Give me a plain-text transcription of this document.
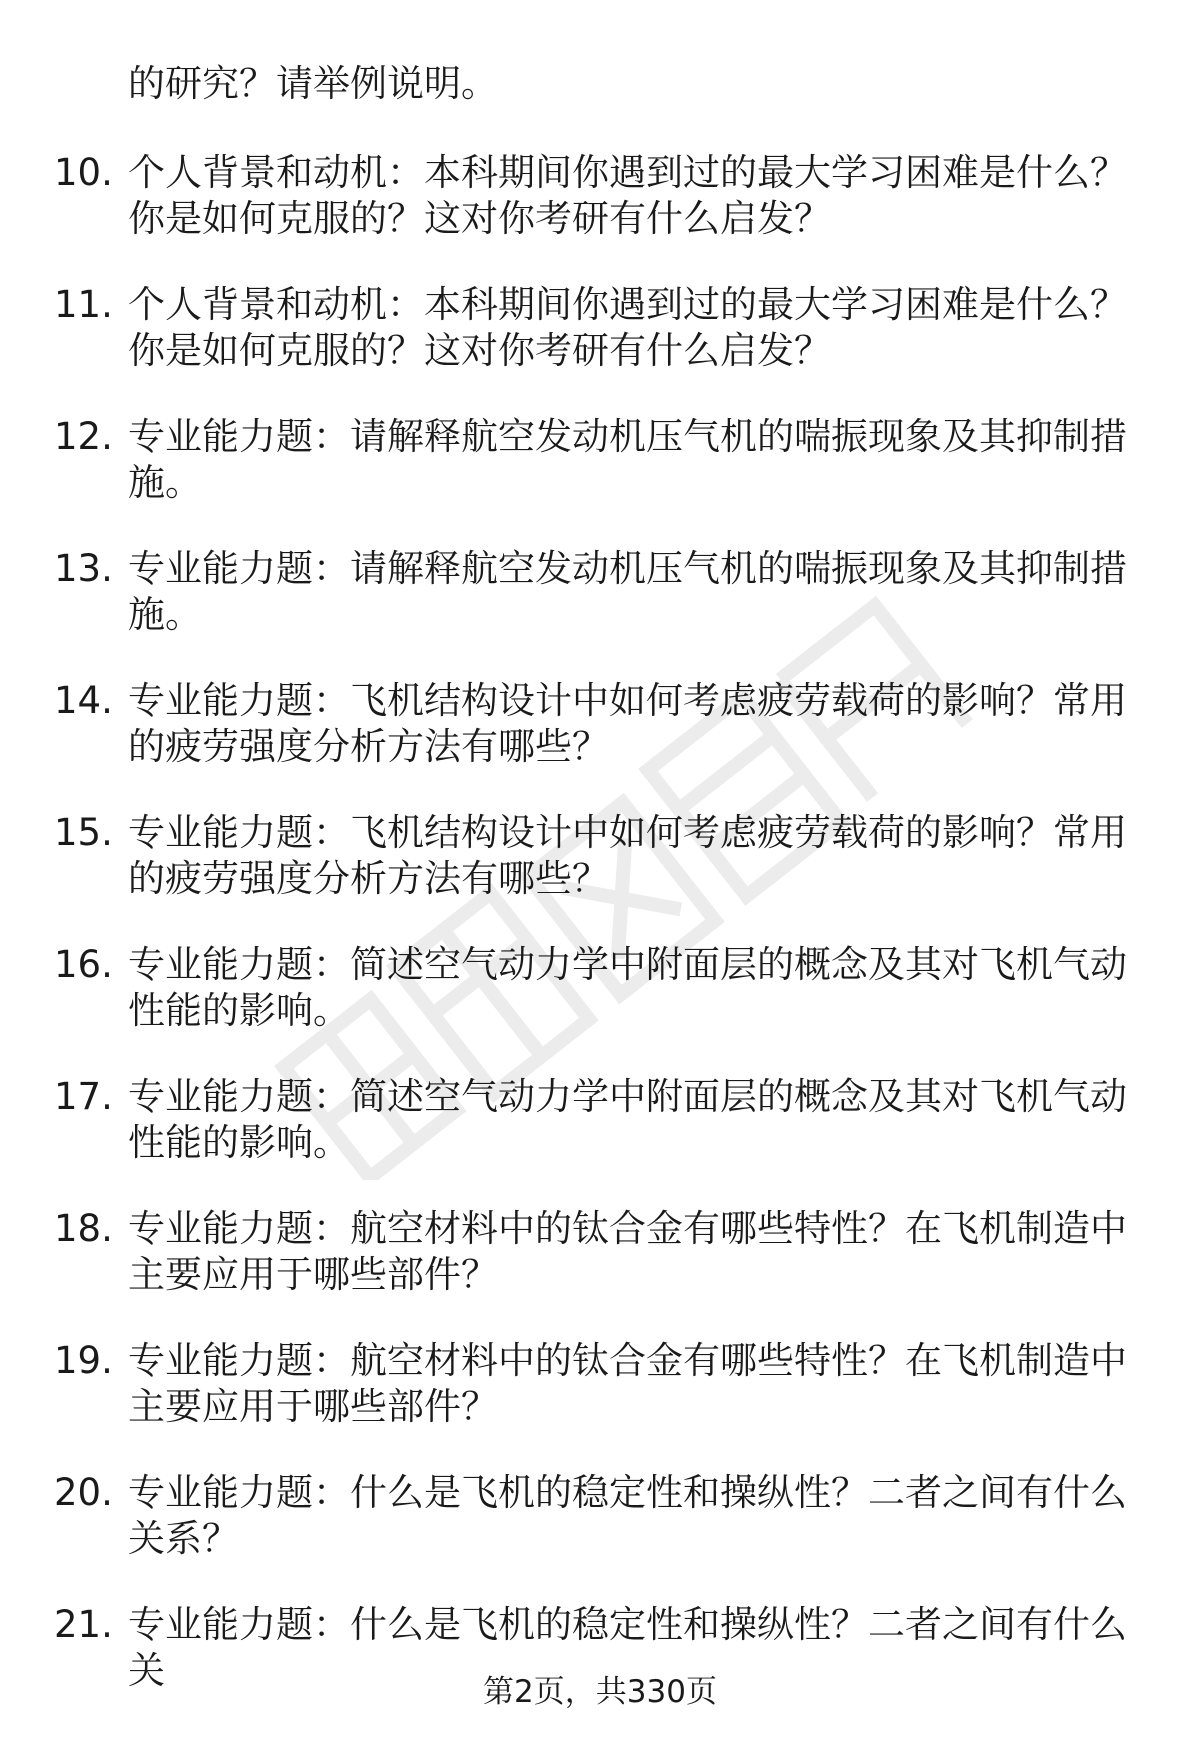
的研究？请举例说明。
10. 个人背景和动机：本科期间你遇到过的最大学习困难是什么？你是如何克服的？这对你考研有什么启发？
11. 个人背景和动机：本科期间你遇到过的最大学习困难是什么？你是如何克服的？这对你考研有什么启发？
12. 专业能力题：请解释航空发动机压气机的喘振现象及其抑制措施。
13. 专业能力题：请解释航空发动机压气机的喘振现象及其抑制措施。
14. 专业能力题：飞机结构设计中如何考虑疲劳载荷的影响？常用的疲劳强度分析方法有哪些？
15. 专业能力题：飞机结构设计中如何考虑疲劳载荷的影响？常用的疲劳强度分析方法有哪些？
16. 专业能力题：简述空气动力学中附面层的概念及其对飞机气动性能的影响。
17. 专业能力题：简述空气动力学中附面层的概念及其对飞机气动性能的影响。
18. 专业能力题：航空材料中的钛合金有哪些特性？在飞机制造中主要应用于哪些部件？
19. 专业能力题：航空材料中的钛合金有哪些特性？在飞机制造中主要应用于哪些部件？
20. 专业能力题：什么是飞机的稳定性和操纵性？二者之间有什么关系？
21. 专业能力题：什么是飞机的稳定性和操纵性？二者之间有什么关	第2页，共330页
